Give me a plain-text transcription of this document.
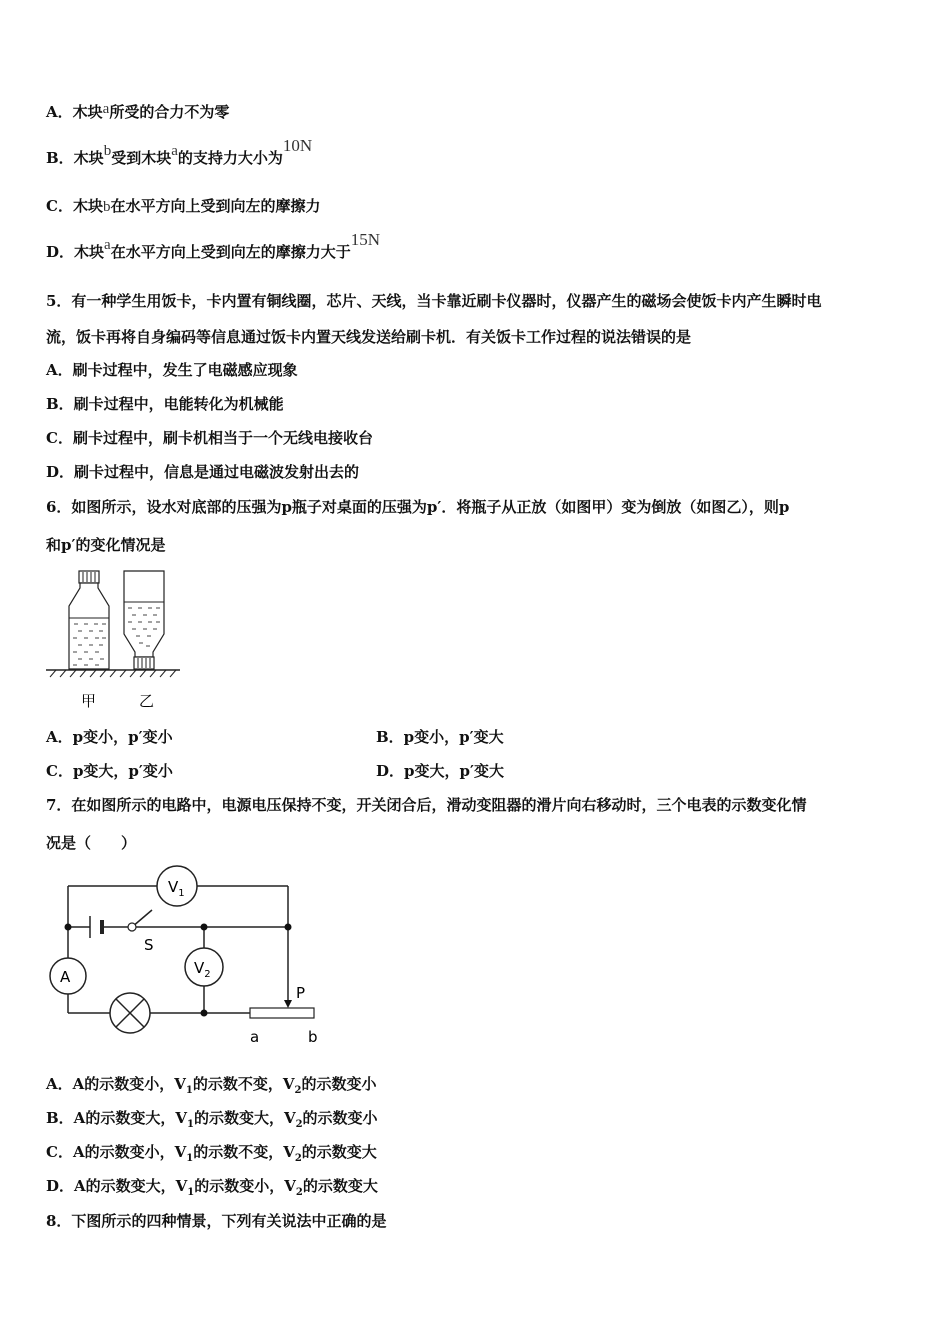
A．木块a所受的合力不为零
B．木块b受到木块a的支持力大小为10N
C．木块b在水平方向上受到向左的摩擦力
D．木块a在水平方向上受到向左的摩擦力大于15N
5．有一种学生用饭卡，卡内置有铜线圈，芯片、天线，当卡靠近刷卡仪器时，仪器产生的磁场会使饭卡内产生瞬时电
流，饭卡再将自身编码等信息通过饭卡内置天线发送给刷卡机．有关饭卡工作过程的说法错误的是
A．刷卡过程中，发生了电磁感应现象
B．刷卡过程中，电能转化为机械能
C．刷卡过程中，刷卡机相当于一个无线电接收台
D．刷卡过程中，信息是通过电磁波发射出去的
6．如图所示，设水对底部的压强为p瓶子对桌面的压强为p′．将瓶子从正放（如图甲）变为倒放（如图乙），则p
和p′的变化情况是
甲	乙
A．p变小，p′变小	B．p变小，p′变大
C．p变大，p′变小	D．p变大，p′变大
7．在如图所示的电路中，电源电压保持不变，开关闭合后，滑动变阻器的滑片向右移动时，三个电表的示数变化情
况是（　　）
$V_1$
$V_2$
A
S
P
a	b
A．A的示数变小，$V_1$的示数不变，$V_2$的示数变小
B．A的示数变大，$V_1$的示数变大，$V_2$的示数变小
C．A的示数变小，$V_1$的示数不变，$V_2$的示数变大
D．A的示数变大，$V_1$的示数变小，$V_2$的示数变大
8．下图所示的四种情景，下列有关说法中正确的是
